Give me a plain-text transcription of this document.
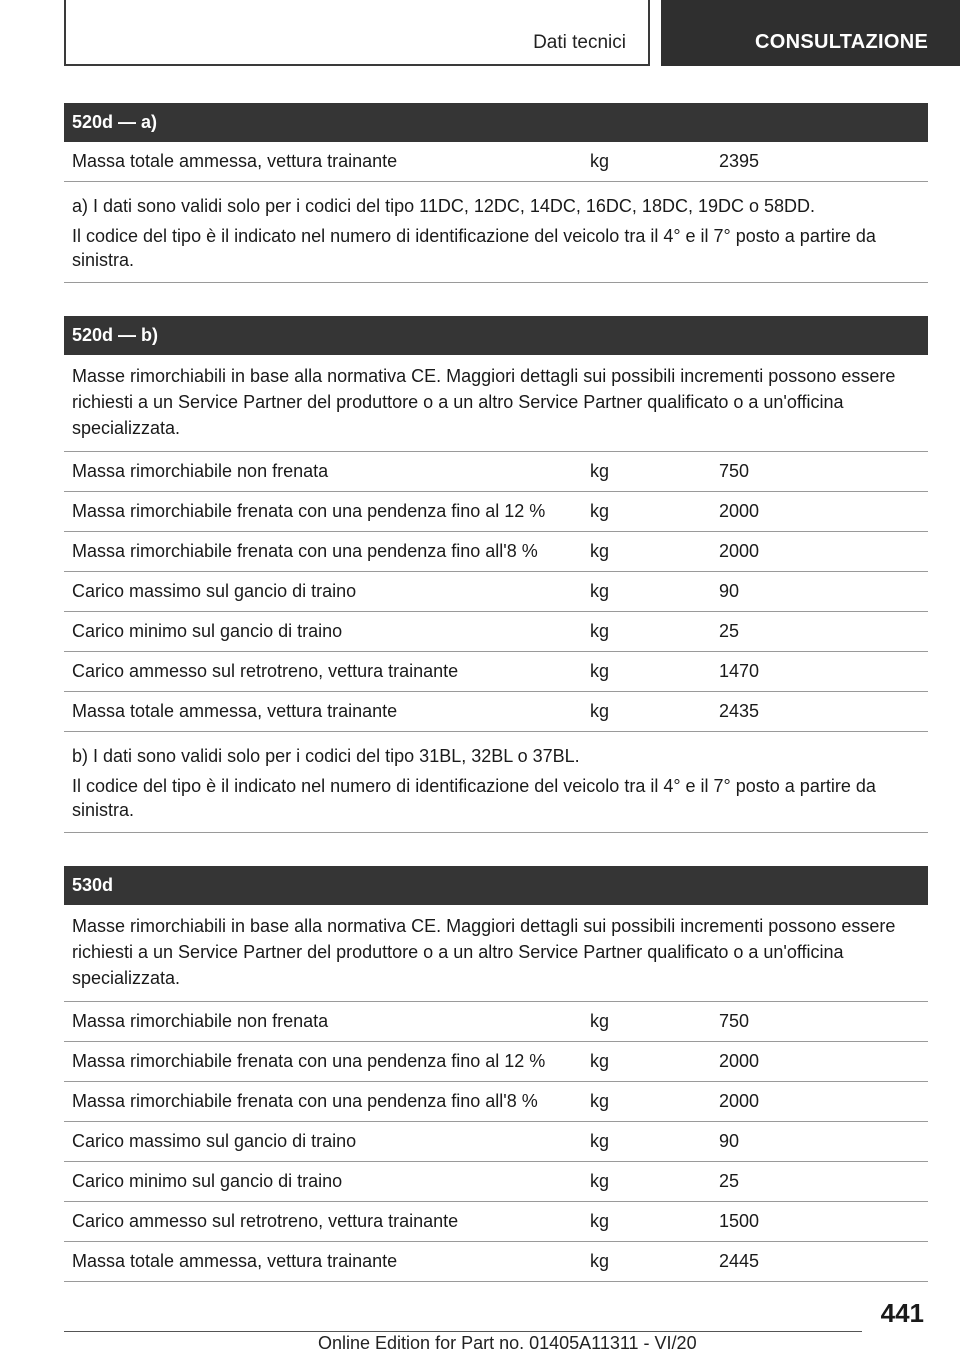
Dati tecnici	CONSULTAZIONE
520d — a)
Massa totale ammessa, vettura trainante	kg	2395

a) I dati sono validi solo per i codici del tipo 11DC, 12DC, 14DC, 16DC, 18DC, 19DC o 58DD.

Il codice del tipo è il indicato nel numero di identificazione del veicolo tra il 4° e il 7° posto a partire da sinistra.

520d — b)
Masse rimorchiabili in base alla normativa CE. Maggiori dettagli sui possibili incrementi possono essere richiesti a un Service Partner del produttore o a un altro Service Partner qualificato o a un'officina specializzata.
Massa rimorchiabile non frenata	kg	750
Massa rimorchiabile frenata con una pendenza fino al 12 %	kg	2000
Massa rimorchiabile frenata con una pendenza fino all'8 %	kg	2000
Carico massimo sul gancio di traino	kg	90
Carico minimo sul gancio di traino	kg	25
Carico ammesso sul retrotreno, vettura trainante	kg	1470
Massa totale ammessa, vettura trainante	kg	2435

b) I dati sono validi solo per i codici del tipo 31BL, 32BL o 37BL.

Il codice del tipo è il indicato nel numero di identificazione del veicolo tra il 4° e il 7° posto a partire da sinistra.

530d
Masse rimorchiabili in base alla normativa CE. Maggiori dettagli sui possibili incrementi possono essere richiesti a un Service Partner del produttore o a un altro Service Partner qualificato o a un'officina specializzata.
Massa rimorchiabile non frenata	kg	750
Massa rimorchiabile frenata con una pendenza fino al 12 %	kg	2000
Massa rimorchiabile frenata con una pendenza fino all'8 %	kg	2000
Carico massimo sul gancio di traino	kg	90
Carico minimo sul gancio di traino	kg	25
Carico ammesso sul retrotreno, vettura trainante	kg	1500
Massa totale ammessa, vettura trainante	kg	2445
441
Online Edition for Part no. 01405A11311 - VI/20
